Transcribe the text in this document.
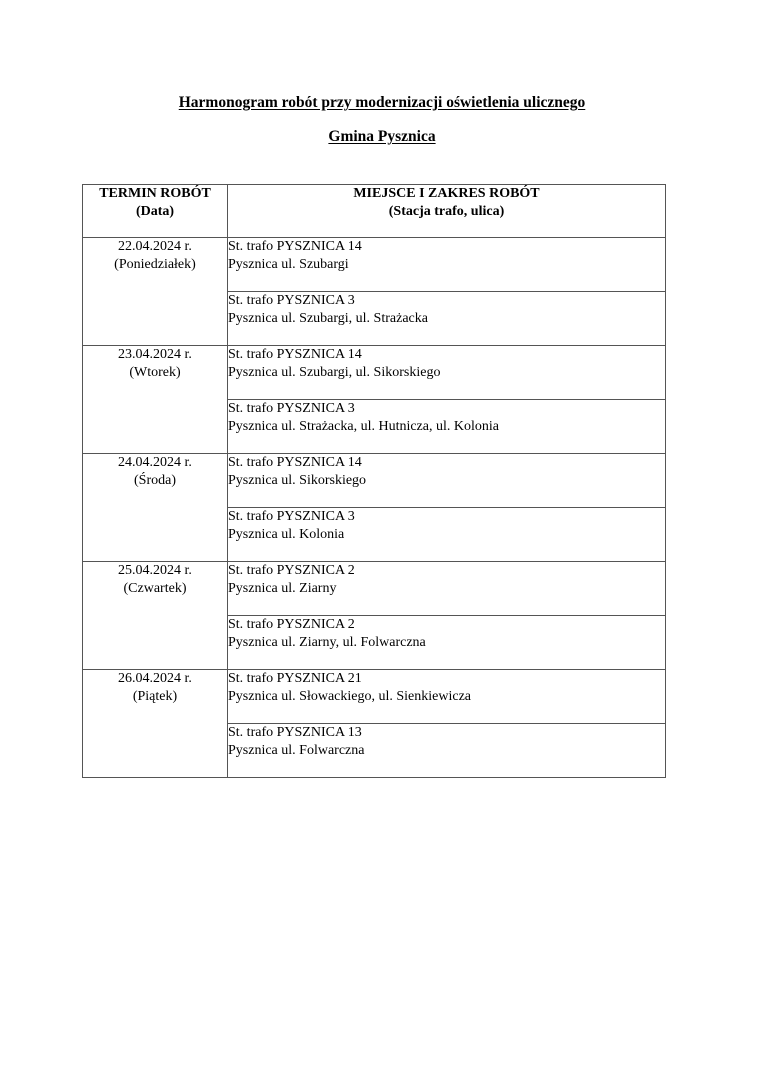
Harmonogram robót przy modernizacji oświetlenia ulicznego
Gmina Pysznica
TERMIN ROBÓT
(Data)	MIEJSCE I ZAKRES ROBÓT
(Stacja trafo, ulica)

22.04.2024 r.
(Poniedziałek)	St. trafo PYSZNICA 14
Pysznica ul. Szubargi

	St. trafo PYSZNICA 3
Pysznica ul. Szubargi, ul. Strażacka

23.04.2024 r.
(Wtorek)	St. trafo PYSZNICA 14
Pysznica ul. Szubargi, ul. Sikorskiego

	St. trafo PYSZNICA 3
Pysznica ul. Strażacka, ul. Hutnicza, ul. Kolonia

24.04.2024 r.
(Środa)	St. trafo PYSZNICA 14
Pysznica ul. Sikorskiego

	St. trafo PYSZNICA 3
Pysznica ul. Kolonia

25.04.2024 r.
(Czwartek)	St. trafo PYSZNICA 2
Pysznica ul. Ziarny

	St. trafo PYSZNICA 2
Pysznica ul. Ziarny, ul. Folwarczna

26.04.2024 r.
(Piątek)	St. trafo PYSZNICA 21
Pysznica ul. Słowackiego, ul. Sienkiewicza

	St. trafo PYSZNICA 13
Pysznica ul. Folwarczna
